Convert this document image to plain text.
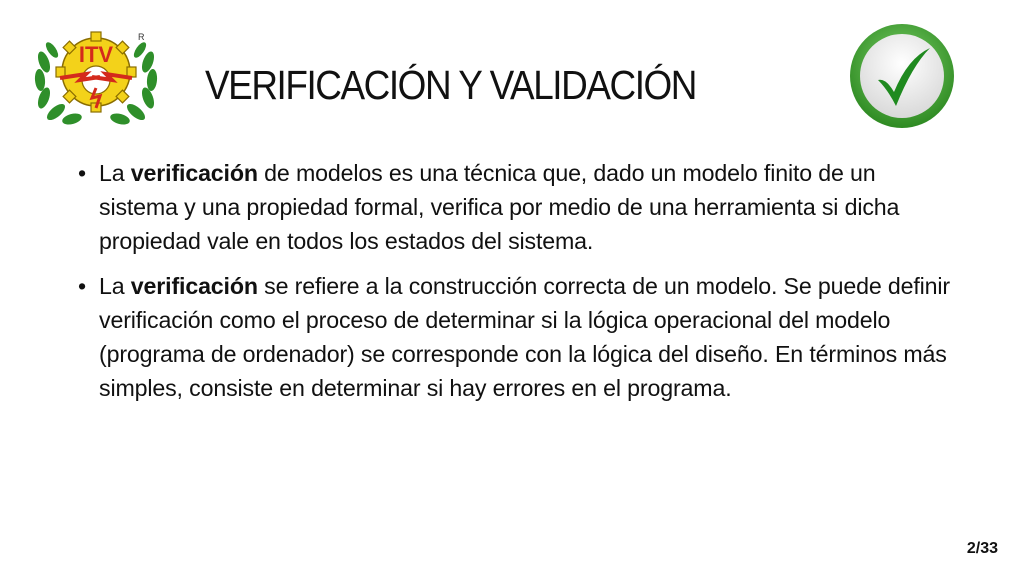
ITV
R
VERIFICACIÓN Y VALIDACIÓN
• La verificación de modelos es una técnica que, dado un modelo finito de un sistema y una propiedad formal, verifica por medio de una herramienta si dicha propiedad vale en todos los estados del sistema.
• La verificación se refiere a la construcción correcta de un modelo. Se puede definir verificación como el proceso de determinar si la lógica operacional del modelo (programa de ordenador) se corresponde con la lógica del diseño. En términos más simples, consiste en determinar si hay errores en el programa.
2/33
